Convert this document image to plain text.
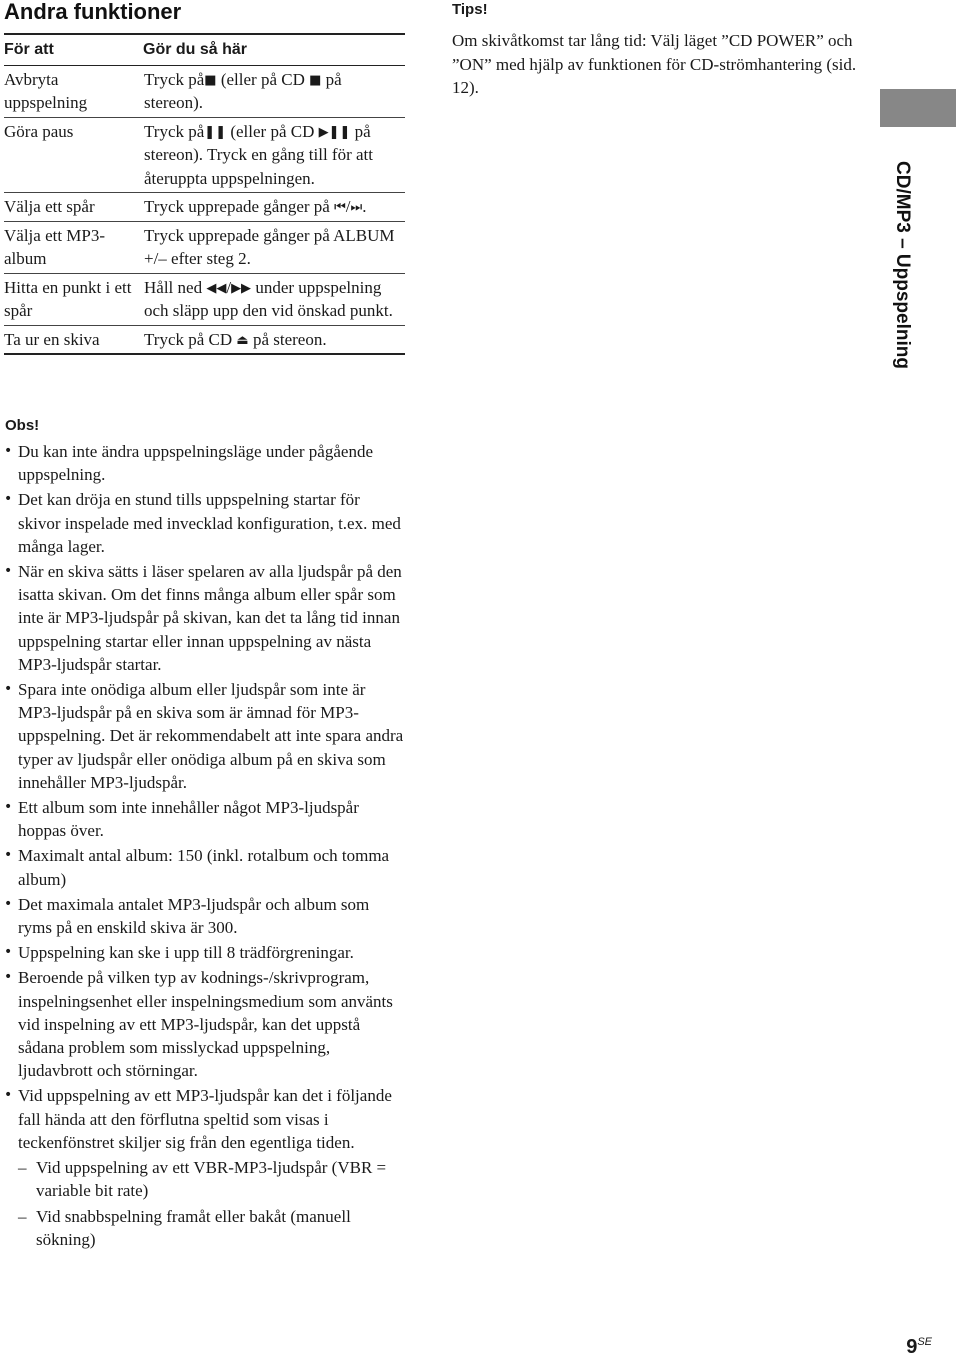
Andra funktioner
För att	Gör du så här
Avbryta uppspelning	Tryck på■ (eller på CD ■ på stereon).
Göra paus	Tryck på❚❚ (eller på CD ▶❚❚ på stereon). Tryck en gång till för att återuppta uppspelningen.
Välja ett spår	Tryck upprepade gånger på ⏮/⏭.
Välja ett MP3-album	Tryck upprepade gånger på ALBUM +/– efter steg 2.
Hitta en punkt i ett spår	Håll ned ◀◀/▶▶ under uppspelning och släpp upp den vid önskad punkt.
Ta ur en skiva	Tryck på CD ⏏ på stereon.
Obs!
• Du kan inte ändra uppspelningsläge under pågående uppspelning.
• Det kan dröja en stund tills uppspelning startar för skivor inspelade med invecklad konfiguration, t.ex. med många lager.
• När en skiva sätts i läser spelaren av alla ljudspår på den isatta skivan. Om det finns många album eller spår som inte är MP3-ljudspår på skivan, kan det ta lång tid innan uppspelning startar eller innan uppspelning av nästa MP3-ljudspår startar.
• Spara inte onödiga album eller ljudspår som inte är MP3-ljudspår på en skiva som är ämnad för MP3-uppspelning. Det är rekommendabelt att inte spara andra typer av ljudspår eller onödiga album på en skiva som innehåller MP3-ljudspår.
• Ett album som inte innehåller något MP3-ljudspår hoppas över.
• Maximalt antal album: 150 (inkl. rotalbum och tomma album)
• Det maximala antalet MP3-ljudspår och album som ryms på en enskild skiva är 300.
• Uppspelning kan ske i upp till 8 trädförgreningar.
• Beroende på vilken typ av kodnings-/skrivprogram, inspelningsenhet eller inspelningsmedium som använts vid inspelning av ett MP3-ljudspår, kan det uppstå sådana problem som misslyckad uppspelning, ljudavbrott och störningar.
• Vid uppspelning av ett MP3-ljudspår kan det i följande fall hända att den förflutna speltid som visas i teckenfönstret skiljer sig från den egentliga tiden.
– Vid uppspelning av ett VBR-MP3-ljudspår (VBR = variable bit rate)
– Vid snabbspelning framåt eller bakåt (manuell sökning)
Tips!

Om skivåtkomst tar lång tid: Välj läget ”CD POWER” och ”ON” med hjälp av funktionen för CD-strömhantering (sid. 12).

CD/MP3 – Uppspelning
$9^{SE}$
